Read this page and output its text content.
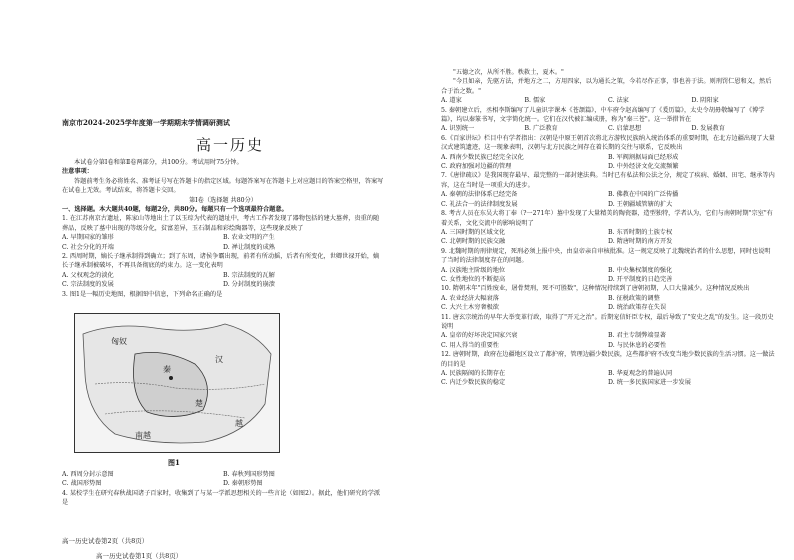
南京市2024-2025学年度第一学期期末学情调研测试
高一历史

本试卷分第Ⅰ卷和第Ⅱ卷两部分，共100分。考试用时75分钟。

注意事项：

答题前考生务必将姓名、准考证号写在答题卡的指定区域。每题答案写在答题卡上对应题目的答案空格里，答案写在试卷上无效。考试结束，将答题卡交回。

第Ⅰ卷（选择题 共80分）

一、选择题。本大题共40题，每题2分，共80分。每题只有一个选项最符合题意。

1. 在江苏南京古遗址，陈家山等地出土了以玉琮为代表的遗址中，考古工作者发现了器物包括的建大墓葬，贵重的随葬品，反映了墓中出现的等级分化，贫富差异，玉石制品和彩绘陶器等，这些现象反映了

A. 早期国家的雏形	B. 农业文明的产生
C. 社会分化的开端	D. 禅让制度的成熟

2. 西周时期，嫡长子继承制得到确立；到了东周，诸侯争霸出现，前者有所动摇，后者有所变化，世卿世禄开始，嫡长子继承制被破坏，不再具备彻底的约束力。这一变化表明

A. 父权观念的淡化	B. 宗法制度的瓦解
C. 宗法制度的发展	D. 分封制度的崩溃

3. 图1是一幅历史地图，根据图中信息，下列命名正确的是

匈奴
秦
汉
楚
越
南越
图1
A. 西周分封示意图	B. 春秋列国形势图
C. 战国形势图	D. 秦朝形势图

4. 某校学生在研究春秋战国诸子百家时，收集到了与某一学派思想相关的一些言论（如图2）。据此，他们研究的学派是

高一历史试卷第2页（共8页）
高一历史试卷第1页（共8页）

"五德之次，从所不胜。秩救土，夏木。"

"今且如亲，先驱方法，并地方之二，方用四家，以为通长之策，今若尽作正事，事也善于法。则刑罚仁恩和义，然后合于治之数。"

A. 道家	B. 儒家	C. 法家	D. 阴阳家

5. 秦朝建立后，丞相李斯编写了儿童识字课本《苍颉篇》，中车府令赵高编写了《爰历篇》，太史令胡毋敬编写了《博学篇》，均以秦篆书写，文字简化统一。它们在汉代被汇编成册，称为"秦三苍"。这一举措旨在

A. 识别统一	B. 广泛教育	C. 启蒙思想	D. 发展教育

6.《百家讲坛》栏目中有学者指出：汉朝是中原王朝首次将北方游牧民族纳入统治体系的重要时期，在北方边疆出现了大量汉式建筑遗迹，这一现象表明，汉朝与北方民族之间存在着长期的交往与联系，它反映出

A. 西南少数民族已经完全汉化	B. 军阀割据局面已经形成
C. 政府加强对边疆的管理	D. 中外经济文化交流频繁

7.《唐律疏议》是我国现存最早、最完整的一部封建法典。当时已有私法和公法之分，规定了疾病、婚姻、田宅、继承等内容，这在当时是一项重大的进步。

A. 秦朝的法律体系已经完备	B. 佛教在中国的广泛传播
C. 礼法合一的法律制度发展	D. 王朝疆域管辖的扩大

8. 考古人员在东吴大将丁奉（?一271年）墓中发现了大量精美的陶瓷器，造型独特，学者认为，它们与南朝时期"宗室"有着关系，文化交流中的影响说明了

A. 三国时期的区域文化	B. 东晋时期的土族专权
C. 北朝时期的民族交融	D. 隋唐时期的南方开发

9. 北魏时期的刑律规定，死刑必须上报中央，由皇帝亲自审核批准。这一规定反映了北魏统治者的什么思想，同时也说明了当时的法律制度存在的问题。

A. 汉族地主阶级的地位	B. 中央集权制度的强化
C. 女性地位的不断提高	D. 开平制度的日趋完善

10. 隋朝末年"百姓废业，屠骨焚刑，死不可胜数"，这种情况持续到了唐朝初期，人口大量减少。这种情况反映出

A. 农业经济大幅衰落	B. 征税政策的调整
C. 大兴土木穷奢极欲	D. 统治政策存在失误

11. 唐玄宗统治的早年大举变革行政，取得了"开元之治"。后期宠信奸臣专权，最后导致了"安史之乱"的发生。这一段历史说明

A. 皇帝的好坏决定国家兴衰	B. 君主专制弊端显著
C. 用人得当的重要性	D. 与民休息的必要性

12. 唐朝时期，政府在边疆地区设立了都护府，管理边疆少数民族，这些都护府不改变当地少数民族的生活习惯。这一做法的目的是

A. 民族隔阂的长期存在	B. 华夏观念的普遍认同
C. 内迁少数民族的稳定	D. 统一多民族国家进一步发展
